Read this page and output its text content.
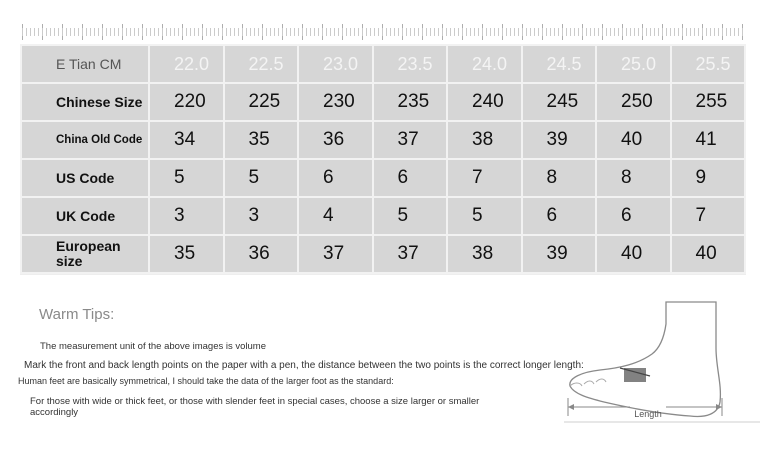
E Tian CM	22.0	22.5	23.0	23.5	24.0	24.5	25.0	25.5
Chinese Size	220	225	230	235	240	245	250	255
China Old Code	34	35	36	37	38	39	40	41
US Code	5	5	6	6	7	8	8	9
UK Code	3	3	4	5	5	6	6	7
European size	35	36	37	37	38	39	40	40
Warm Tips:
The measurement unit of the above images is volume
Mark the front and back length points on the paper with a pen, the distance between the two points is the correct longer length:
Human feet are basically symmetrical, I should take the data of the larger foot as the standard:
For those with wide or thick feet, or those with slender feet in special cases, choose a size larger or smaller accordingly	Length
